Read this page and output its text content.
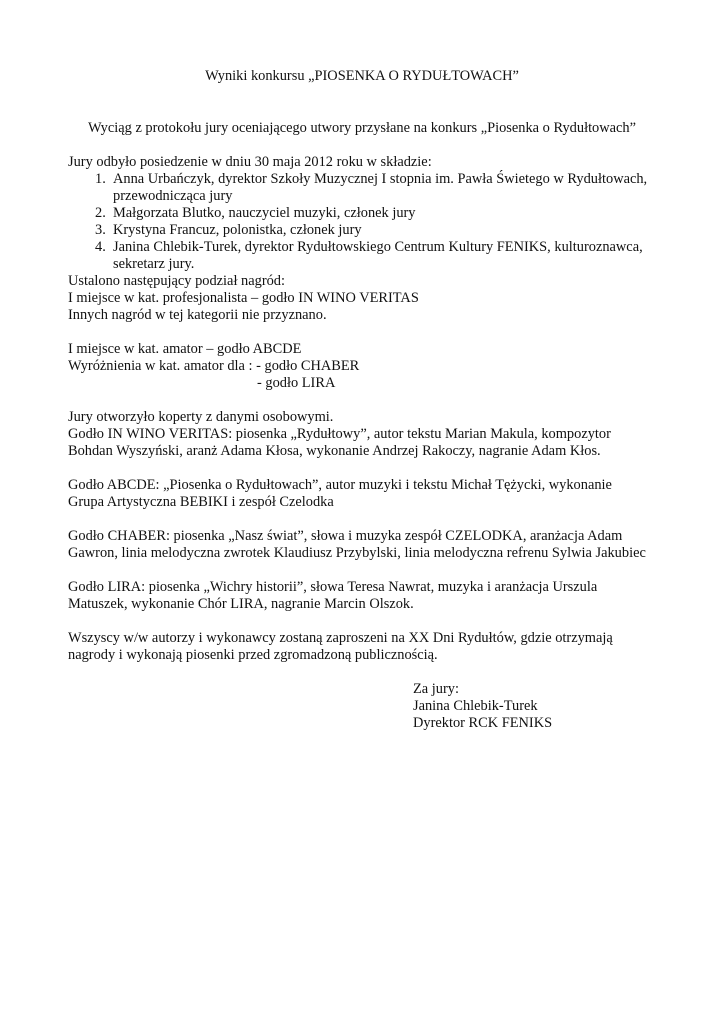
Wyniki konkursu „PIOSENKA O RYDUŁTOWACH”
Wyciąg z protokołu jury oceniającego utwory przysłane na konkurs „Piosenka o Rydułtowach”
Jury odbyło posiedzenie w dniu 30 maja 2012 roku w składzie:
1. Anna Urbańczyk, dyrektor Szkoły Muzycznej I stopnia im. Pawła Świetego w Rydułtowach,
przewodnicząca jury
2. Małgorzata Blutko, nauczyciel muzyki, członek jury
3. Krystyna Francuz, polonistka, członek jury
4. Janina Chlebik-Turek, dyrektor Rydułtowskiego Centrum Kultury FENIKS, kulturoznawca,
sekretarz jury.
Ustalono następujący podział nagród:
I miejsce w kat. profesjonalista – godło IN WINO VERITAS
Innych nagród w tej kategorii nie przyznano.
I miejsce w kat. amator – godło ABCDE
Wyróżnienia w kat. amator dla : - godło CHABER
- godło LIRA
Jury otworzyło koperty z danymi osobowymi.
Godło IN WINO VERITAS: piosenka „Rydułtowy”, autor tekstu Marian Makula, kompozytor
Bohdan Wyszyński, aranż Adama Kłosa, wykonanie Andrzej Rakoczy, nagranie Adam Kłos.
Godło ABCDE: „Piosenka o Rydułtowach”, autor muzyki i tekstu Michał Tężycki, wykonanie
Grupa Artystyczna BEBIKI i zespół Czelodka
Godło CHABER: piosenka „Nasz świat”, słowa i muzyka zespół CZELODKA, aranżacja Adam
Gawron, linia melodyczna zwrotek Klaudiusz Przybylski, linia melodyczna refrenu Sylwia Jakubiec
Godło LIRA: piosenka „Wichry historii”, słowa Teresa Nawrat, muzyka i aranżacja Urszula
Matuszek, wykonanie Chór LIRA, nagranie Marcin Olszok.
Wszyscy w/w autorzy i wykonawcy zostaną zaproszeni na XX Dni Rydułtów, gdzie otrzymają
nagrody i wykonają piosenki przed zgromadzoną publicznością.
Za jury:
Janina Chlebik-Turek
Dyrektor RCK FENIKS
